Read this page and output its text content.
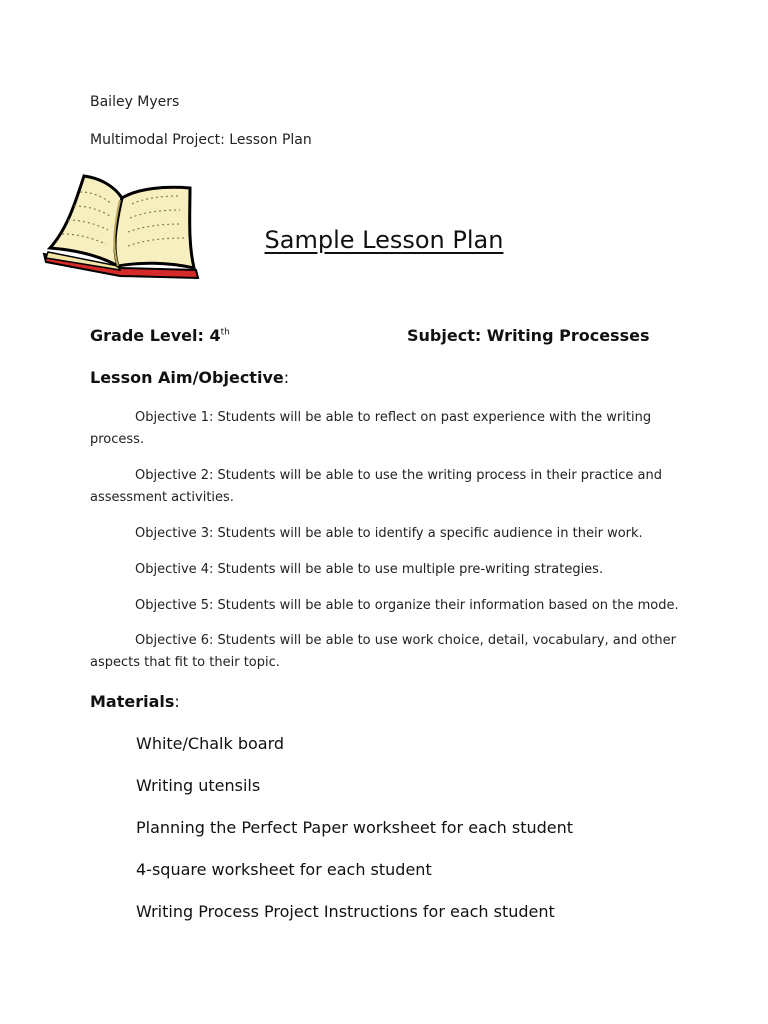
Bailey Myers
Multimodal Project: Lesson Plan
Sample Lesson Plan
Grade Level: 4th	Subject: Writing Processes
Lesson Aim/Objective:
Objective 1: Students will be able to reflect on past experience with the writing process.
Objective 2: Students will be able to use the writing process in their practice and assessment activities.
Objective 3: Students will be able to identify a specific audience in their work.
Objective 4: Students will be able to use multiple pre-writing strategies.
Objective 5: Students will be able to organize their information based on the mode.
Objective 6: Students will be able to use work choice, detail, vocabulary, and other aspects that fit to their topic.
Materials:
White/Chalk board
Writing utensils
Planning the Perfect Paper worksheet for each student
4-square worksheet for each student
Writing Process Project Instructions for each student
